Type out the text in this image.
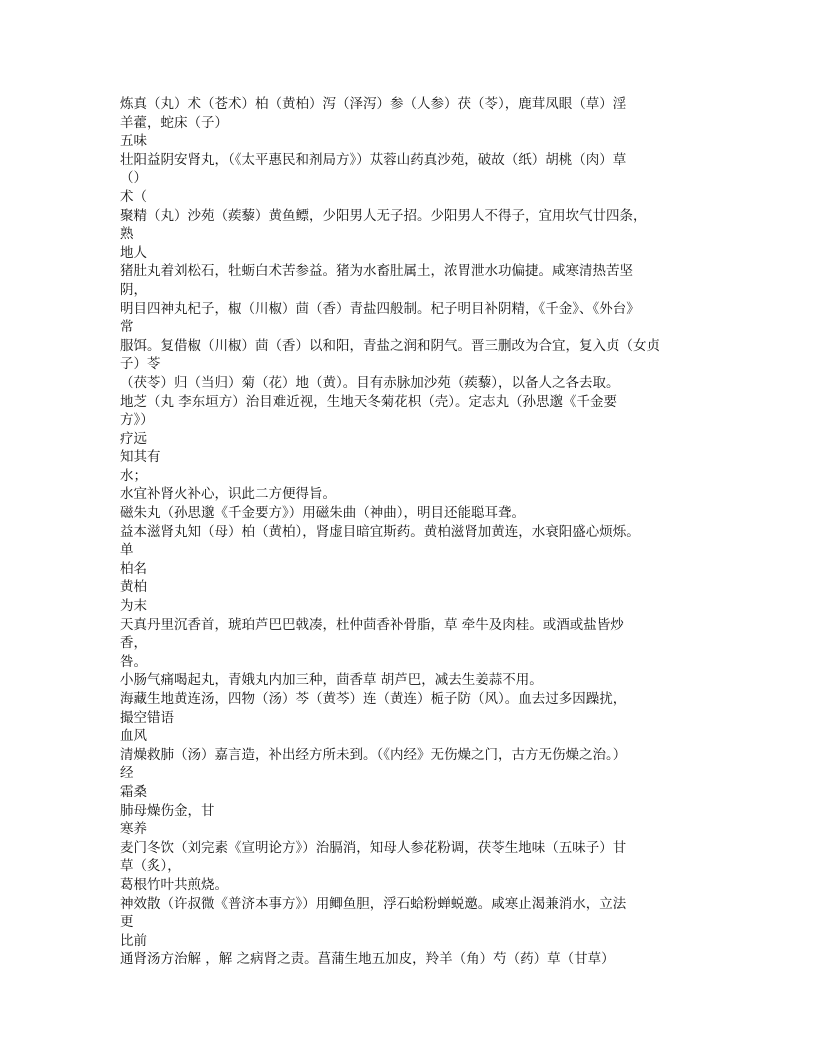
炼真（丸）术（苍术）柏（黄柏）泻（泽泻）参（人参）茯（苓），鹿茸凤眼（草）淫
羊藿，蛇床（子）
五味
壮阳益阴安肾丸，（《太平惠民和剂局方》）苁蓉山药真沙苑，破故（纸）胡桃（肉）草
（）
术（
聚精（丸）沙苑（蒺藜）黄鱼鳔，少阳男人无子招。少阳男人不得子，宜用坎气廿四条，
熟
地人
猪肚丸着刘松石，牡蛎白术苦参益。猪为水畜肚属土，浓胃泄水功偏捷。咸寒清热苦坚
阴，
明目四神丸杞子，椒（川椒）茴（香）青盐四般制。杞子明目补阴精，《千金》、《外台》
常
服饵。复借椒（川椒）茴（香）以和阳，青盐之润和阴气。晋三删改为合宜，复入贞（女贞
子）苓
（茯苓）归（当归）菊（花）地（黄）。目有赤脉加沙苑（蒺藜），以备人之各去取。
地芝（丸 李东垣方）治目难近视，生地天冬菊花枳（壳）。定志丸（孙思邈《千金要
方》）
疗远
知其有
水；
水宜补肾火补心，识此二方便得旨。
磁朱丸（孙思邈《千金要方》）用磁朱曲（神曲），明目还能聪耳聋。
益本滋肾丸知（母）柏（黄柏），肾虚目暗宜斯药。黄柏滋肾加黄连，水衰阳盛心烦烁。
单
柏名
黄柏
为末
天真丹里沉香首，琥珀芦巴巴戟凑，杜仲茴香补骨脂，草 牵牛及肉桂。或酒或盐皆炒
香，
咎。
小肠气痛喝起丸，青娥丸内加三种，茴香草 胡芦巴，减去生姜蒜不用。
海藏生地黄连汤，四物（汤）芩（黄芩）连（黄连）栀子防（风）。血去过多因躁扰，
撮空错语
血风
清燥救肺（汤）嘉言造，补出经方所未到。（《内经》无伤燥之门，古方无伤燥之治。）
经
霜桑
肺母燥伤金，甘
寒养
麦门冬饮（刘完素《宣明论方》）治膈消，知母人参花粉调，茯苓生地味（五味子）甘
草（炙），
葛根竹叶共煎烧。
神效散（许叔微《普济本事方》）用鲫鱼胆，浮石蛤粉蝉蜕邀。咸寒止渴兼消水，立法
更
比前
通肾汤方治解 ，解 之病肾之责。菖蒲生地五加皮，羚羊（角）芍（药）草（甘草）
